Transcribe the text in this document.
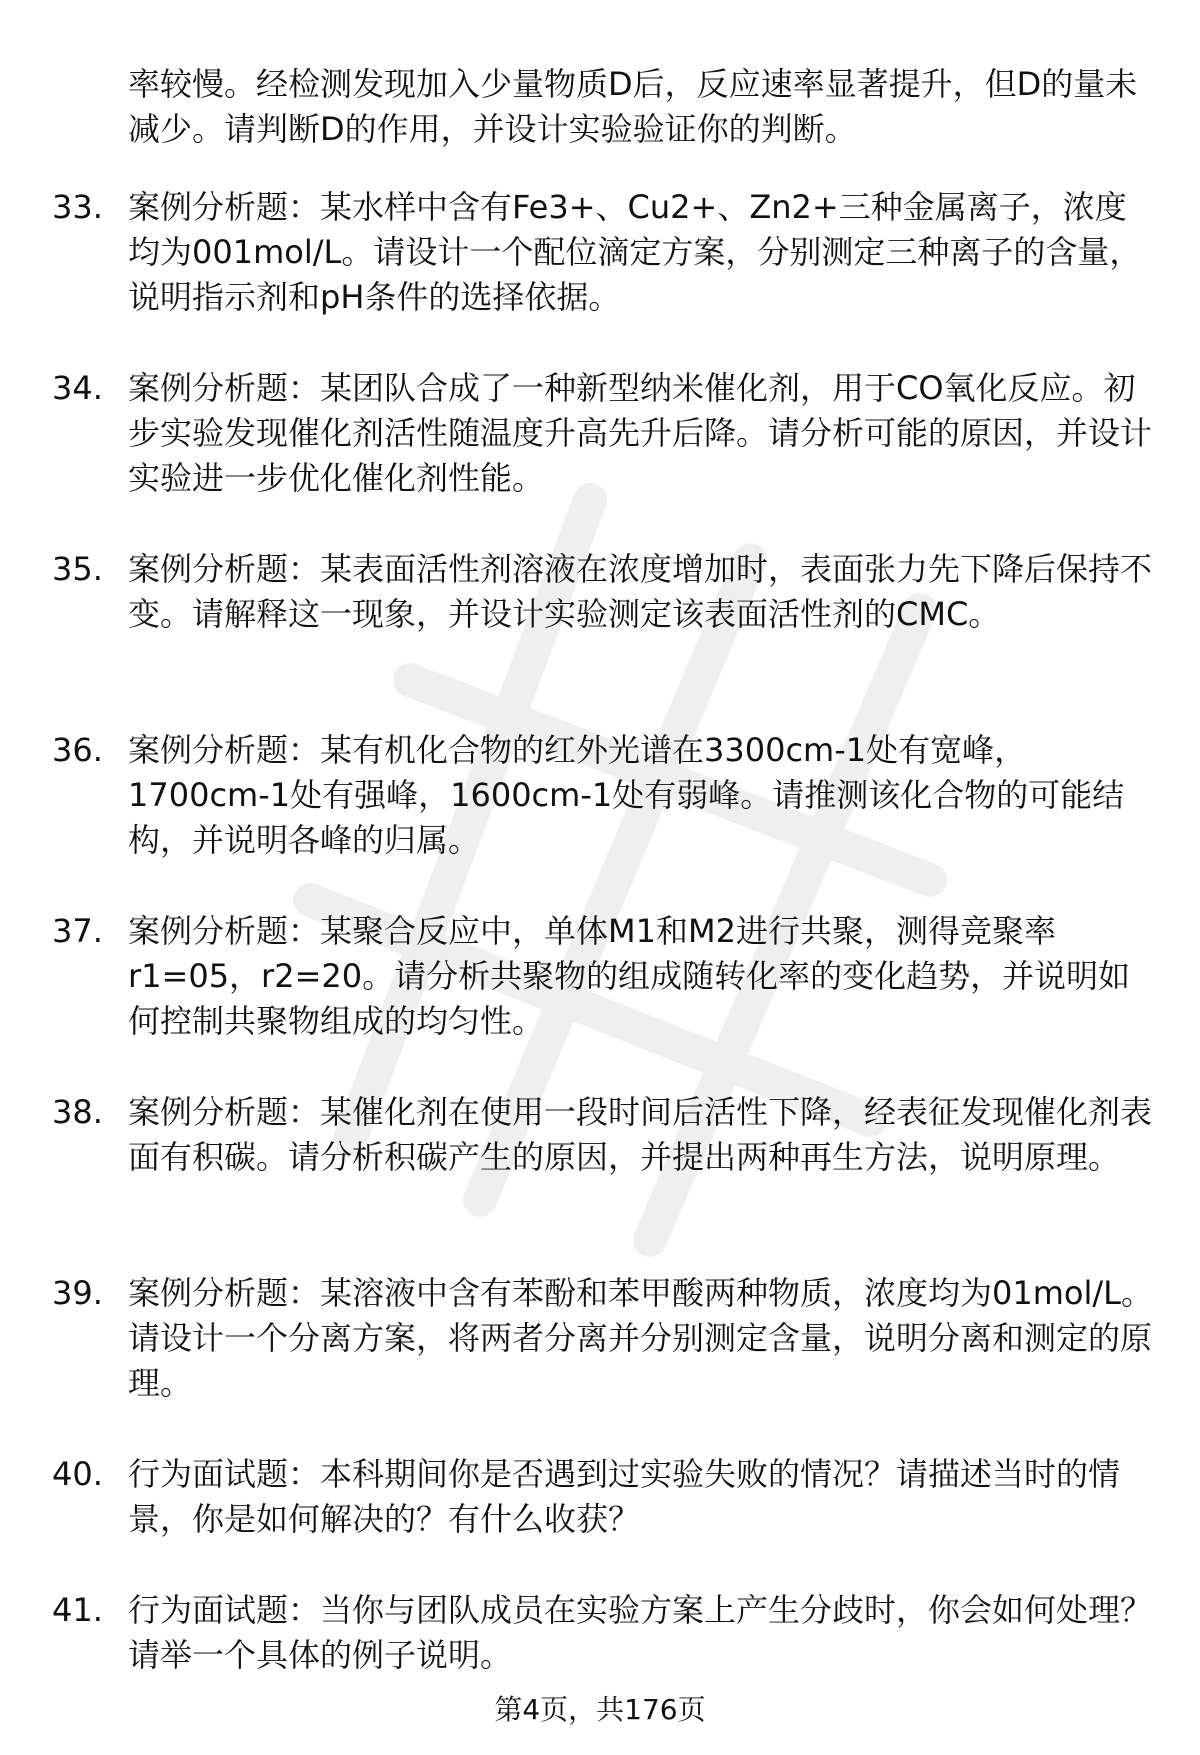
率较慢。经检测发现加入少量物质D后，反应速率显著提升，但D的量未减少。请判断D的作用，并设计实验验证你的判断。

33. 案例分析题：某水样中含有Fe3+、Cu2+、Zn2+三种金属离子，浓度均为001mol/L。请设计一个配位滴定方案，分别测定三种离子的含量，说明指示剂和pH条件的选择依据。

34. 案例分析题：某团队合成了一种新型纳米催化剂，用于CO氧化反应。初步实验发现催化剂活性随温度升高先升后降。请分析可能的原因，并设计实验进一步优化催化剂性能。

35. 案例分析题：某表面活性剂溶液在浓度增加时，表面张力先下降后保持不变。请解释这一现象，并设计实验测定该表面活性剂的CMC。

36. 案例分析题：某有机化合物的红外光谱在3300cm-1处有宽峰，1700cm-1处有强峰，1600cm-1处有弱峰。请推测该化合物的可能结构，并说明各峰的归属。

37. 案例分析题：某聚合反应中，单体M1和M2进行共聚，测得竞聚率r1=05，r2=20。请分析共聚物的组成随转化率的变化趋势，并说明如何控制共聚物组成的均匀性。

38. 案例分析题：某催化剂在使用一段时间后活性下降，经表征发现催化剂表面有积碳。请分析积碳产生的原因，并提出两种再生方法，说明原理。

39. 案例分析题：某溶液中含有苯酚和苯甲酸两种物质，浓度均为01mol/L。请设计一个分离方案，将两者分离并分别测定含量，说明分离和测定的原理。

40. 行为面试题：本科期间你是否遇到过实验失败的情况？请描述当时的情景，你是如何解决的？有什么收获？

41. 行为面试题：当你与团队成员在实验方案上产生分歧时，你会如何处理？请举一个具体的例子说明。

第4页，共176页
